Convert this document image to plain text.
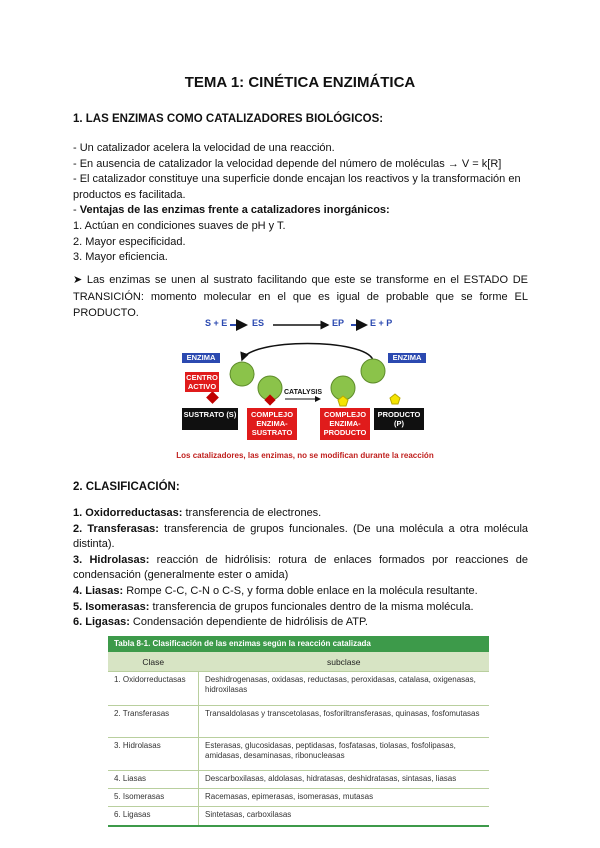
TEMA 1: CINÉTICA ENZIMÁTICA
1. LAS ENZIMAS COMO CATALIZADORES BIOLÓGICOS:
- Un catalizador acelera la velocidad de una reacción.
- En ausencia de catalizador la velocidad depende del número de moléculas → V = k[R]
- El catalizador constituye una superficie donde encajan los reactivos y la transformación en productos es facilitada.
- Ventajas de las enzimas frente a catalizadores inorgánicos:
1. Actúan en condiciones suaves de pH y T.
2. Mayor especificidad.
3. Mayor eficiencia.
➤ Las enzimas se unen al sustrato facilitando que este se transforme en el ESTADO DE TRANSICIÓN: momento molecular en el que es igual de probable que se forme EL PRODUCTO.
S + E	ES	EP	E + P
ENZIMA	ENZIMA
CENTRO ACTIVO
CATALYSIS
SUSTRATO (S)	COMPLEJO ENZIMA-SUSTRATO
COMPLEJO ENZIMA-PRODUCTO
PRODUCTO (P)
Los catalizadores, las enzimas, no se modifican durante la reacción
2. CLASIFICACIÓN:
1. Oxidorreductasas: transferencia de electrones.
2. Transferasas: transferencia de grupos funcionales. (De una molécula a otra molécula distinta).
3. Hidrolasas: reacción de hidrólisis: rotura de enlaces formados por reacciones de condensación (generalmente ester o amida)
4. Liasas: Rompe C-C, C-N o C-S, y forma doble enlace en la molécula resultante.
5. Isomerasas: transferencia de grupos funcionales dentro de la misma molécula.
6. Ligasas: Condensación dependiente de hidrólisis de ATP.
Tabla 8-1. Clasificación de las enzimas según la reacción catalizada
Clase	subclase
1. Oxidorreductasas	Deshidrogenasas, oxidasas, reductasas, peroxidasas, catalasa, oxigenasas, hidroxilasas
2. Transferasas	Transaldolasas y transcetolasas, fosforiltransferasas, quinasas, fosfomutasas
3. Hidrolasas	Esterasas, glucosidasas, peptidasas, fosfatasas, tiolasas, fosfolipasas, amidasas, desaminasas, ribonucleasas
4. Liasas	Descarboxilasas, aldolasas, hidratasas, deshidratasas, sintasas, liasas
5. Isomerasas	Racemasas, epimerasas, isomerasas, mutasas
6. Ligasas	Sintetasas, carboxilasas
